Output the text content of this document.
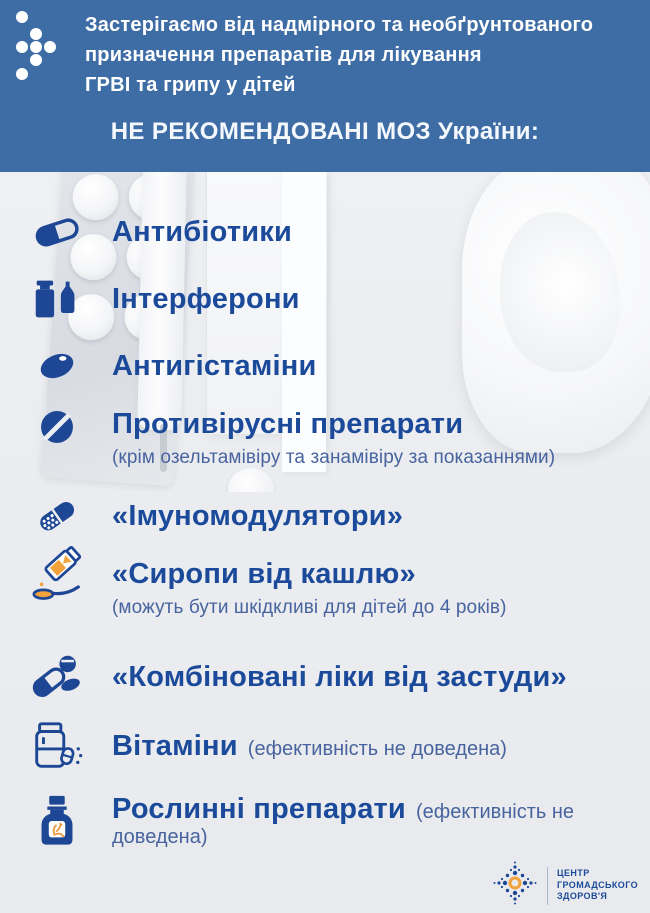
Застерігаємо від надмірного та необґрунтованого
призначення препаратів для лікування
ГРВІ та грипу у дітей
НЕ РЕКОМЕНДОВАНІ МОЗ України:
Антибіотики
Інтерферони
Антигістаміни
Противірусні препарати
(крім озельтамівіру та занамівіру за показаннями)
«Імуномодулятори»
«Сиропи від кашлю»
(можуть бути шкідкливі для дітей до 4 років)
«Комбіновані ліки від застуди»
Вітаміни (ефективність не доведена)
Рослинні препарати (ефективність не доведена)
ЦЕНТР
ГРОМАДСЬКОГО
ЗДОРОВ'Я
